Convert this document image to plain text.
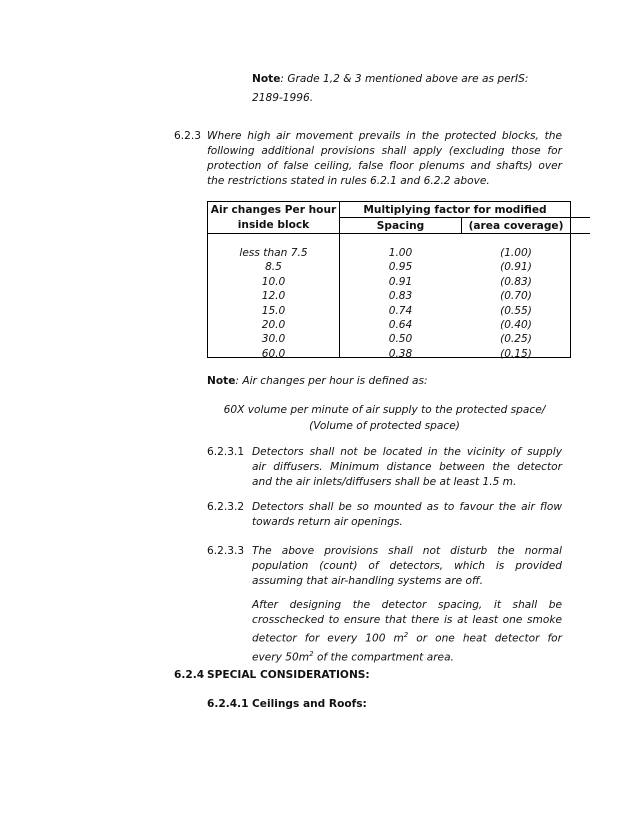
Note: Grade 1,2 & 3 mentioned above are as perIS:
2189-1996.
6.2.3 Where high air movement prevails in the protected blocks, the
following additional provisions shall apply (excluding those for
protection of false ceiling, false floor plenums and shafts) over
the restrictions stated in rules 6.2.1 and 6.2.2 above.
Air changes Per hour
inside block
Multiplying factor for modified
Spacing	(area coverage)
less than 7.5
8.5
10.0
12.0
15.0
20.0
30.0
60.0
1.00
0.95
0.91
0.83
0.74
0.64
0.50
0.38
(1.00)
(0.91)
(0.83)
(0.70)
(0.55)
(0.40)
(0.25)
(0.15)
Note: Air changes per hour is defined as:
60X volume per minute of air supply to the protected space/
(Volume of protected space)
6.2.3.1 Detectors shall not be located in the vicinity of supply
air diffusers. Minimum distance between the detector
and the air inlets/diffusers shall be at least 1.5 m.
6.2.3.2 Detectors shall be so mounted as to favour the air flow
towards return air openings.
6.2.3.3 The above provisions shall not disturb the normal
population (count) of detectors, which is provided
assuming that air-handling systems are off.
After designing the detector spacing, it shall be
crosschecked to ensure that there is at least one smoke
detector for every 100 $m^2$ or one heat detector for
every $50m^2$ of the compartment area.
6.2.4 SPECIAL CONSIDERATIONS:
6.2.4.1 Ceilings and Roofs:
